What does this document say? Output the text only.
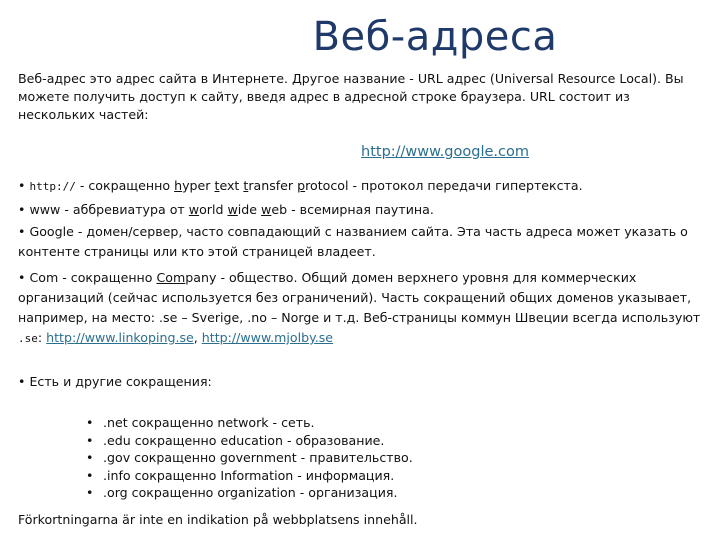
Веб-адреса
Веб-адрес это адрес сайта в Интернете. Другое название - URL адрес (Universal Resource Local). Вы можете получить доступ к сайту, введя адрес в адресной строке браузера. URL состоит из нескольких частей:
http://www.google.com
• http:// - сокращенно hyper text transfer protocol - протокол передачи гипертекста.
• www - аббревиатура от world wide web - всемирная паутина.
• Google - домен/сервер, часто совпадающий с названием сайта. Эта часть адреса может указать о контенте страницы или кто этой страницей владеет.
• Com - сокращенно Company - общество. Общий домен верхнего уровня для коммерческих организаций (сейчас используется без ограничений). Часть сокращений общих доменов указывает, например, на место: .se – Sverige, .no – Norge и т.д. Веб-страницы коммун Швеции всегда используют .se: http://www.linkoping.se, http://www.mjolby.se
• Есть и другие сокращения:
• .net сокращенно network - сеть.
• .edu сокращенно education - образование.
• .gov сокращенно government - правительство.
• .info сокращенно Information - информация.
• .org сокращенно organization - организация.
Förkortningarna är inte en indikation på webbplatsens innehåll.
